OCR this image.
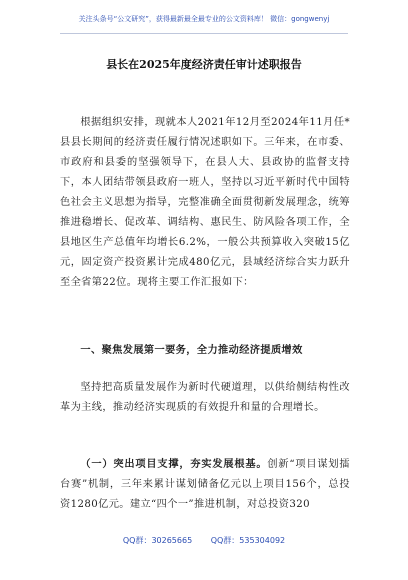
关注头条号“公文研究”，获得最新最全最专业的公文资料库！ 微信：gongwenyj
县长在2025年度经济责任审计述职报告

根据组织安排，现就本人2021年12月至2024年11月任*县县长期间的经济责任履行情况述职如下。三年来，在市委、市政府和县委的坚强领导下，在县人大、县政协的监督支持下，本人团结带领县政府一班人，坚持以习近平新时代中国特色社会主义思想为指导，完整准确全面贯彻新发展理念，统筹推进稳增长、促改革、调结构、惠民生、防风险各项工作，全县地区生产总值年均增长6.2%，一般公共预算收入突破15亿元，固定资产投资累计完成480亿元，县域经济综合实力跃升至全省第22位。现将主要工作汇报如下：

一、聚焦发展第一要务，全力推动经济提质增效

坚持把高质量发展作为新时代硬道理，以供给侧结构性改革为主线，推动经济实现质的有效提升和量的合理增长。

（一）突出项目支撑，夯实发展根基。创新“项目谋划擂台赛”机制，三年来累计谋划储备亿元以上项目156个，总投资1280亿元。建立“四个一”推进机制，对总投资320

QQ群：30265665 QQ群：535304092
